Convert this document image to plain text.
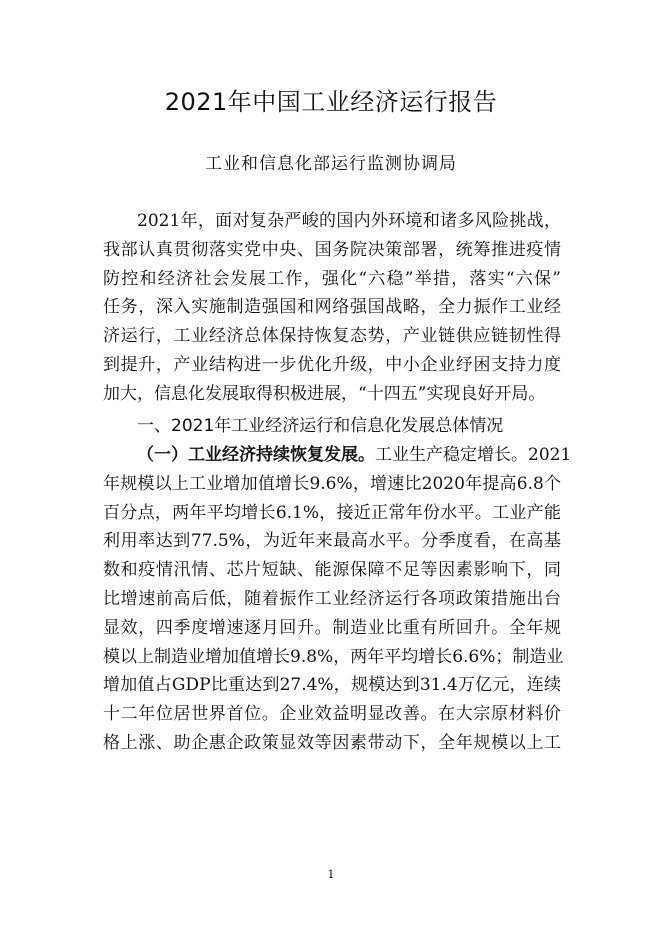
2021年中国工业经济运行报告
工业和信息化部运行监测协调局
2021年，面对复杂严峻的国内外环境和诸多风险挑战，
我部认真贯彻落实党中央、国务院决策部署，统筹推进疫情
防控和经济社会发展工作，强化“六稳”举措，落实“六保”
任务，深入实施制造强国和网络强国战略，全力振作工业经
济运行，工业经济总体保持恢复态势，产业链供应链韧性得
到提升，产业结构进一步优化升级，中小企业纾困支持力度
加大，信息化发展取得积极进展，“十四五”实现良好开局。
一、2021年工业经济运行和信息化发展总体情况
（一）工业经济持续恢复发展。工业生产稳定增长。2021
年规模以上工业增加值增长9.6%，增速比2020年提高6.8个
百分点，两年平均增长6.1%，接近正常年份水平。工业产能
利用率达到77.5%，为近年来最高水平。分季度看，在高基
数和疫情汛情、芯片短缺、能源保障不足等因素影响下，同
比增速前高后低，随着振作工业经济运行各项政策措施出台
显效，四季度增速逐月回升。制造业比重有所回升。全年规
模以上制造业增加值增长9.8%，两年平均增长6.6%；制造业
增加值占GDP比重达到27.4%，规模达到31.4万亿元，连续
十二年位居世界首位。企业效益明显改善。在大宗原材料价
格上涨、助企惠企政策显效等因素带动下，全年规模以上工
1
